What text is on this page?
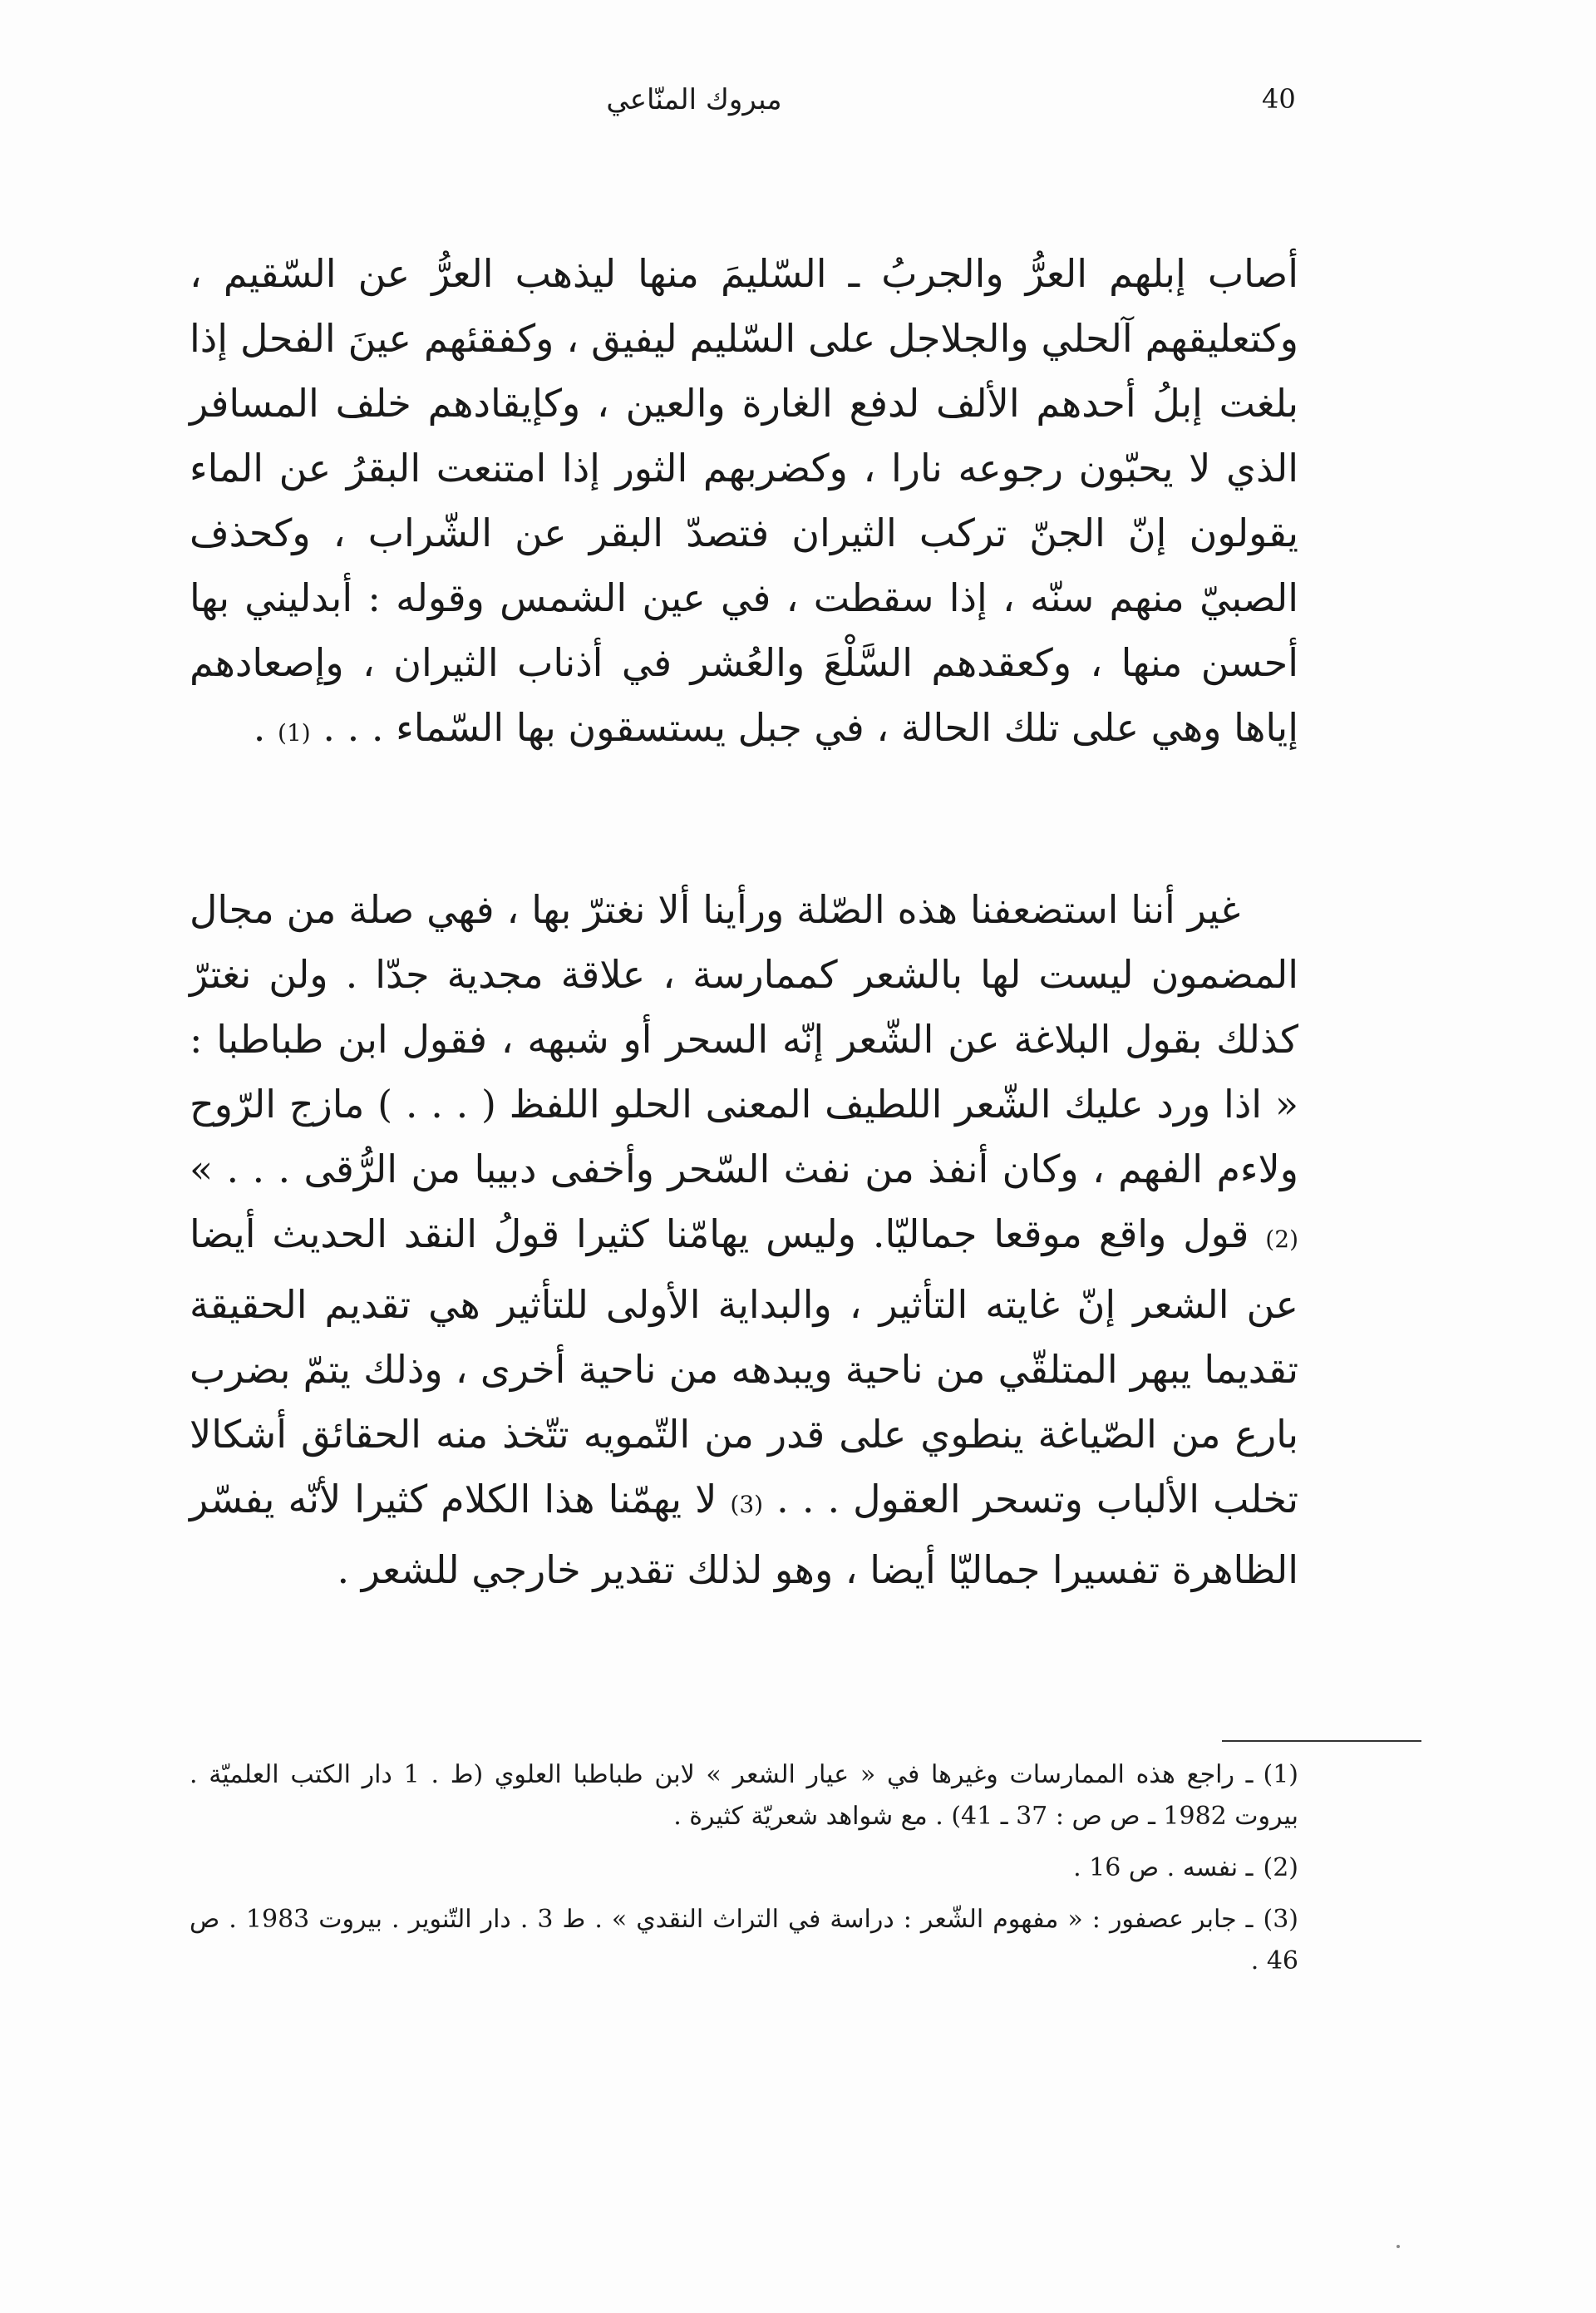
مبروك المنّاعي	40

أصاب إبلهم العرُّ والجربُ ـ السّليمَ منها ليذهب العرُّ عن السّقيم ، وكتعليقهم آلحلي والجلاجل على السّليم ليفيق ، وكفقئهم عينَ الفحل إذا بلغت إبلُ أحدهم الألف لدفع الغارة والعين ، وكإيقادهم خلف المسافر الذي لا يحبّون رجوعه نارا ، وكضربهم الثور إذا امتنعت البقرُ عن الماء يقولون إنّ الجنّ تركب الثيران فتصدّ البقر عن الشّراب ، وكحذف الصبيّ منهم سنّه ، إذا سقطت ، في عين الشمس وقوله : أبدليني بها أحسن منها ، وكعقدهم السَّلْعَ والعُشر في أذناب الثيران ، وإصعادهم إياها وهي على تلك الحالة ، في جبل يستسقون بها السّماء . . . (1) .

غير أننا استضعفنا هذه الصّلة ورأينا ألا نغترّ بها ، فهي صلة من مجال المضمون ليست لها بالشعر كممارسة ، علاقة مجدية جدّا . ولن نغترّ كذلك بقول البلاغة عن الشّعر إنّه السحر أو شبهه ، فقول ابن طباطبا : « اذا ورد عليك الشّعر اللطيف المعنى الحلو اللفظ ( . . . ) مازج الرّوح ولاءم الفهم ، وكان أنفذ من نفث السّحر وأخفى دبيبا من الرُّقى . . . » (2) قول واقع موقعا جماليّا. وليس يهامّنا كثيرا قولُ النقد الحديث أيضا عن الشعر إنّ غايته التأثير ، والبداية الأولى للتأثير هي تقديم الحقيقة تقديما يبهر المتلقّي من ناحية ويبدهه من ناحية أخرى ، وذلك يتمّ بضرب بارع من الصّياغة ينطوي على قدر من التّمويه تتّخذ منه الحقائق أشكالا تخلب الألباب وتسحر العقول . . . (3) لا يهمّنا هذا الكلام كثيرا لأنّه يفسّر الظاهرة تفسيرا جماليّا أيضا ، وهو لذلك تقدير خارجي للشعر .

(1)ـ راجع هذه الممارسات وغيرها في « عيار الشعر » لابن طباطبا العلوي (ط . 1 دار الكتب العلميّة . بيروت 1982 ـ ص ص : 37 ـ 41) . مع شواهد شعريّة كثيرة .

(2)ـ نفسه . ص 16 .

(3)ـ جابر عصفور : « مفهوم الشّعر : دراسة في التراث النقدي » . ط 3 . دار التّنوير . بيروت 1983 . ص 46 .
